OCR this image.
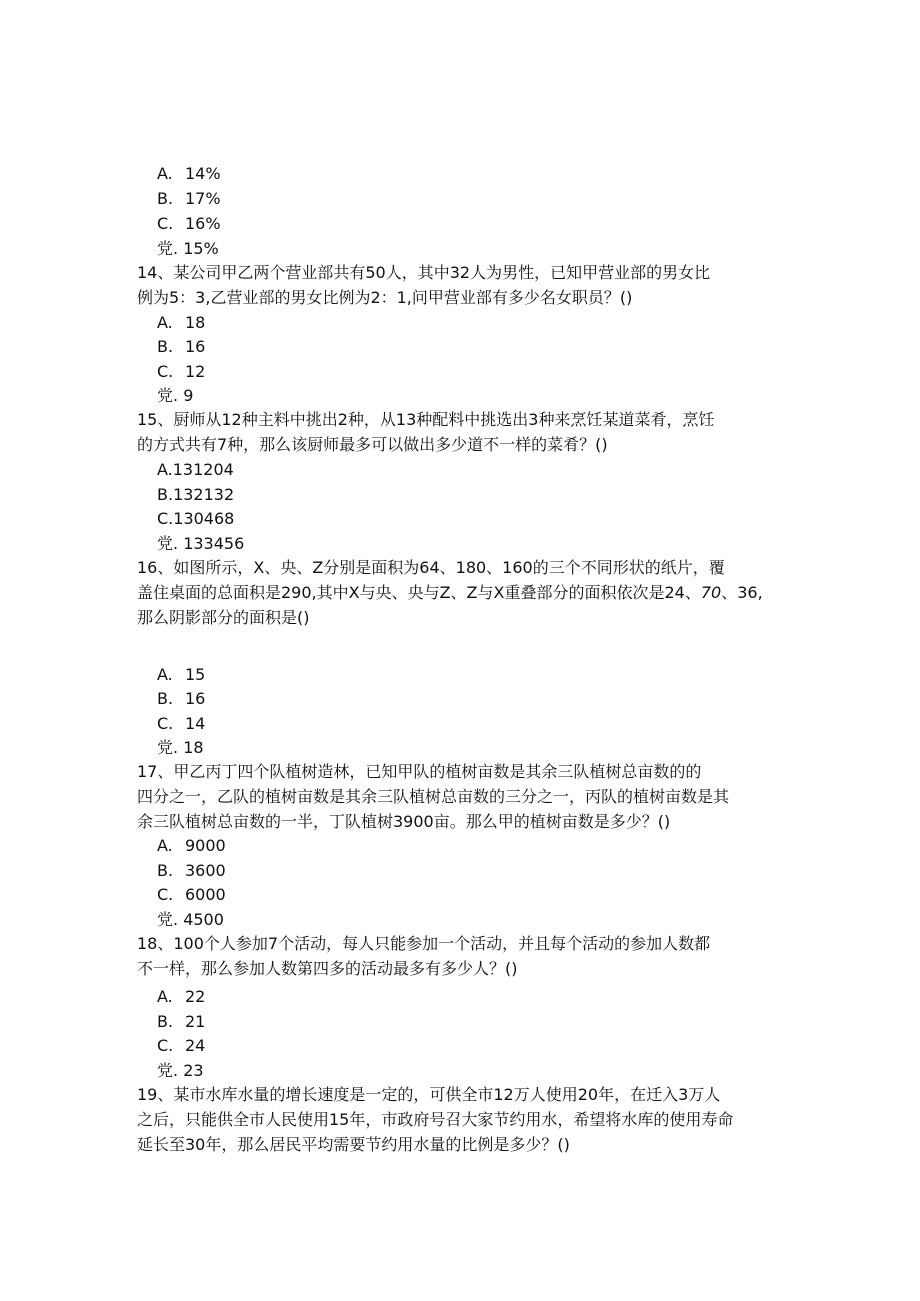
A. 14%
B. 17%
C. 16%
党. 15%
14、某公司甲乙两个营业部共有50人，其中32人为男性，已知甲营业部的男女比
例为5：3,乙营业部的男女比例为2：1,问甲营业部有多少名女职员？()
A. 18
B. 16
C. 12
党. 9
15、厨师从12种主料中挑出2种，从13种配料中挑选出3种来烹饪某道菜肴，烹饪
的方式共有7种，那么该厨师最多可以做出多少道不一样的菜肴？()
A.131204
B.132132
C.130468
党. 133456
16、如图所示，X、央、Z分别是面积为64、180、160的三个不同形状的纸片，覆
盖住桌面的总面积是290,其中X与央、央与Z、Z与X重叠部分的面积依次是24、70、36,
那么阴影部分的面积是()
A. 15
B. 16
C. 14
党. 18
17、甲乙丙丁四个队植树造林，已知甲队的植树亩数是其余三队植树总亩数的的
四分之一，乙队的植树亩数是其余三队植树总亩数的三分之一，丙队的植树亩数是其
余三队植树总亩数的一半，丁队植树3900亩。那么甲的植树亩数是多少？()
A. 9000
B. 3600
C. 6000
党. 4500
18、100个人参加7个活动，每人只能参加一个活动，并且每个活动的参加人数都
不一样，那么参加人数第四多的活动最多有多少人？()
A. 22
B. 21
C. 24
党. 23
19、某市水库水量的增长速度是一定的，可供全市12万人使用20年，在迁入3万人
之后，只能供全市人民使用15年，市政府号召大家节约用水，希望将水库的使用寿命
延长至30年，那么居民平均需要节约用水量的比例是多少？()
